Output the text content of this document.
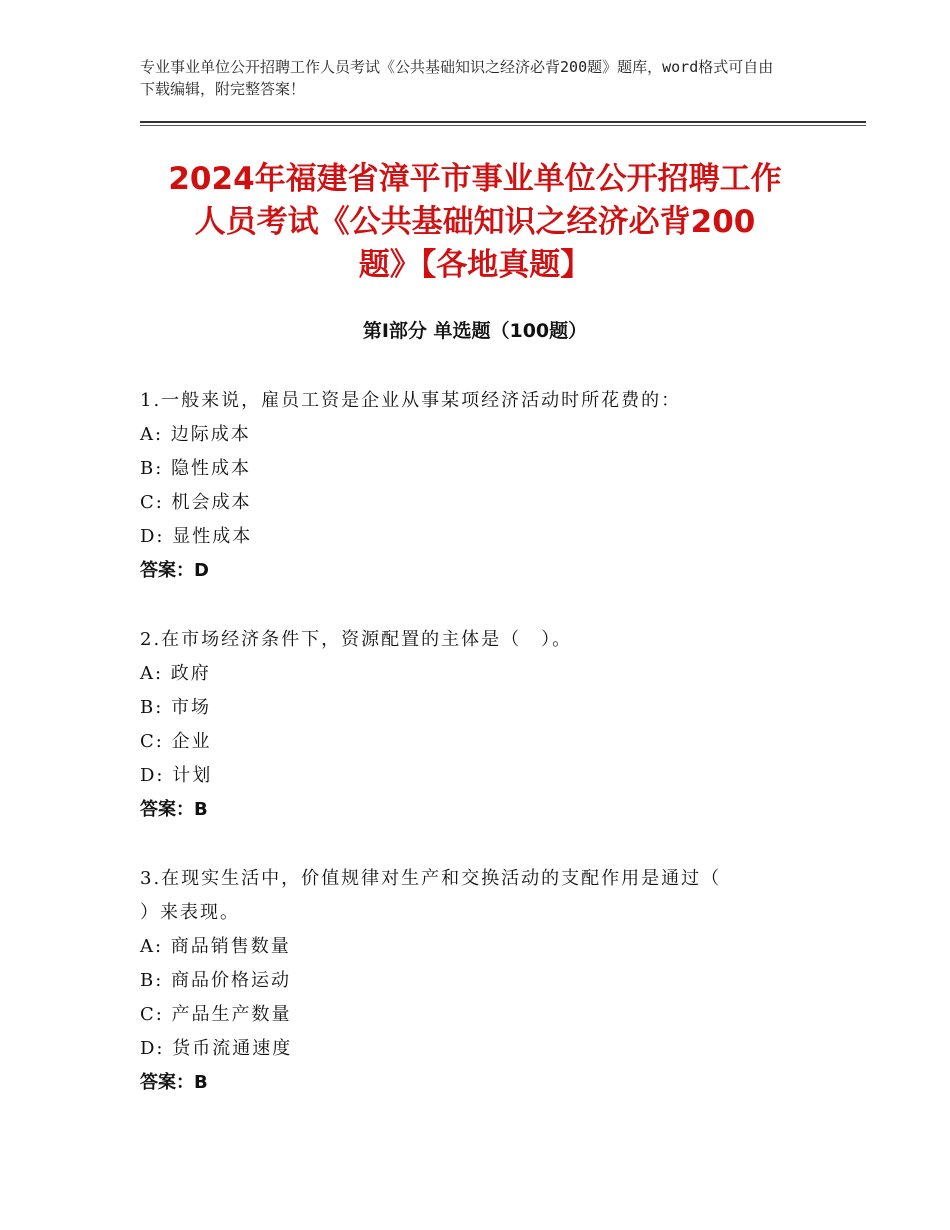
专业事业单位公开招聘工作人员考试《公共基础知识之经济必背200题》题库，word格式可自由下载编辑，附完整答案！
2024年福建省漳平市事业单位公开招聘工作
人员考试《公共基础知识之经济必背200
题》【各地真题】
第Ⅰ部分 单选题（100题）
1.一般来说，雇员工资是企业从事某项经济活动时所花费的：
A: 边际成本
B: 隐性成本
C: 机会成本
D: 显性成本
答案：D
2.在市场经济条件下，资源配置的主体是（　）。
A: 政府
B: 市场
C: 企业
D: 计划
答案：B
3.在现实生活中，价值规律对生产和交换活动的支配作用是通过（
）来表现。
A: 商品销售数量
B: 商品价格运动
C: 产品生产数量
D: 货币流通速度
答案：B
